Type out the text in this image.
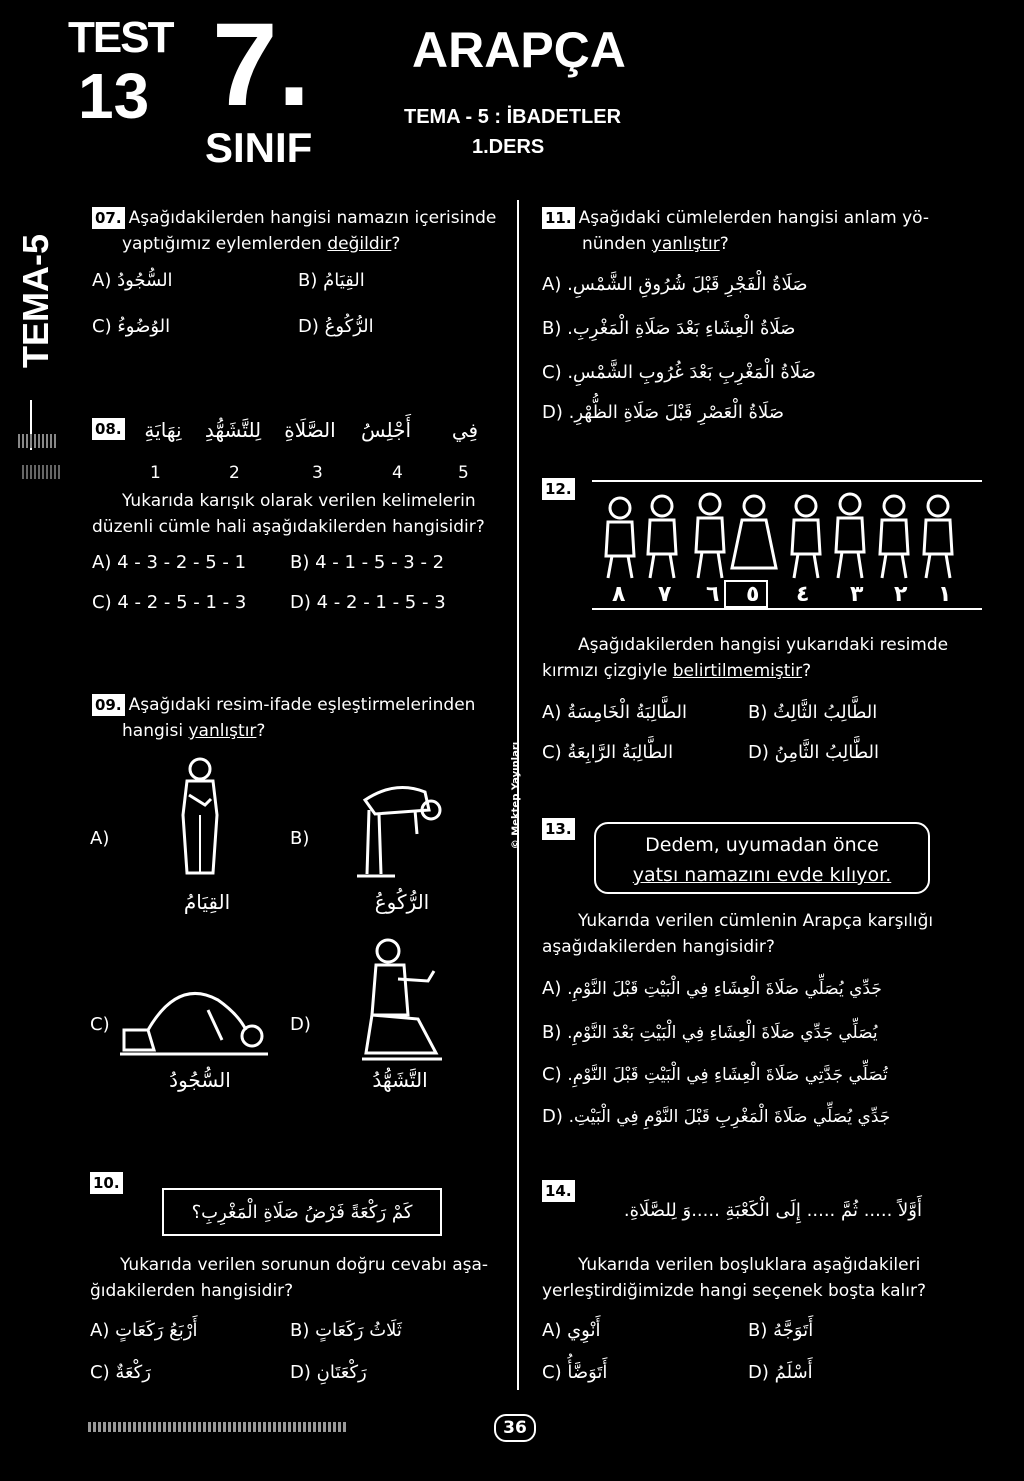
TEST
13 7.
SINIF
ARAPÇA
TEMA - 5 : İBADETLER
1.DERS
TEMA-5
© Mektep Yayınları
07. Aşağıdakilerden hangisi namazın içerisinde
yaptığımız eylemlerden değildir?
A) السُّجُودُ	B) القِيَامُ
C) الوُضُوءُ	D) الرُّكُوعُ
08.	فِي
أَجْلِسُ
الصَّلَاةِ
لِلتَّشَهُّدِ
نِهَايَةِ
1	2	3	4	5
Yukarıda karışık olarak verilen kelimelerin
düzenli cümle hali aşağıdakilerden hangisidir?
A) 4 - 3 - 2 - 5 - 1 B) 4 - 1 - 5 - 3 - 2
C) 4 - 2 - 5 - 1 - 3 D) 4 - 2 - 1 - 5 - 3
09. Aşağıdaki resim-ifade eşleştirmelerinden
hangisi yanlıştır?
A)
القِيَامُ
B)
الرُّكُوعُ
C)
السُّجُودُ
D)
التَّشَهُّدُ
10.
كَمْ رَكْعَةً فَرْضُ صَلَاةِ الْمَغْرِبِ؟
Yukarıda verilen sorunun doğru cevabı aşa-
ğıdakilerden hangisidir?
A) أَرْبَعُ رَكَعَاتٍ	B) ثَلَاثُ رَكَعَاتٍ
C) رَكْعَةٌ	D) رَكْعَتَانِ
11. Aşağıdaki cümlelerden hangisi anlam yö-
nünden yanlıştır?
A) صَلَاةُ الْفَجْرِ قَبْلَ شُرُوقِ الشَّمْسِ.
B) صَلَاةُ الْعِشَاءِ بَعْدَ صَلَاةِ الْمَغْرِبِ.
C) صَلَاةُ الْمَغْرِبِ بَعْدَ غُرُوبِ الشَّمْسِ.
D) صَلَاةُ الْعَصْرِ قَبْلَ صَلَاةِ الظُّهْرِ.
12.
٨ ٧ ٦ ٥ ٤ ٣ ٢ ١
Aşağıdakilerden hangisi yukarıdaki resimde
kırmızı çizgiyle belirtilmemiştir?
A) الطَّالِبَةُ الْخَامِسَةُ	B) الطَّالِبُ الثَّالِثُ
C) الطَّالِبَةُ الرَّابِعَةُ	D) الطَّالِبُ الثَّامِنُ
13.
Dedem, uyumadan önce
yatsı namazını evde kılıyor.
Yukarıda verilen cümlenin Arapça karşılığı
aşağıdakilerden hangisidir?
A) جَدِّي يُصَلِّي صَلَاةَ الْعِشَاءِ فِي الْبَيْتِ قَبْلَ النَّوْمِ.
B) يُصَلِّي جَدِّي صَلَاةَ الْعِشَاءِ فِي الْبَيْتِ بَعْدَ النَّوْمِ.
C) تُصَلِّي جَدَّتِي صَلَاةَ الْعِشَاءِ فِي الْبَيْتِ قَبْلَ النَّوْمِ.
D) جَدِّي يُصَلِّي صَلَاةَ الْمَغْرِبِ قَبْلَ النَّوْمِ فِي الْبَيْتِ.
14.
أَوَّلاً ..... ثُمَّ ..... إِلَى الْكَعْبَةِ .....وَ لِلصَّلَاةِ.
Yukarıda verilen boşluklara aşağıdakileri
yerleştirdiğimizde hangi seçenek boşta kalır?
A) أَنْوِي	B) أَتَوَجَّهُ
C) أَتَوَضَّأُ	D) أَسْلَمُ
36
